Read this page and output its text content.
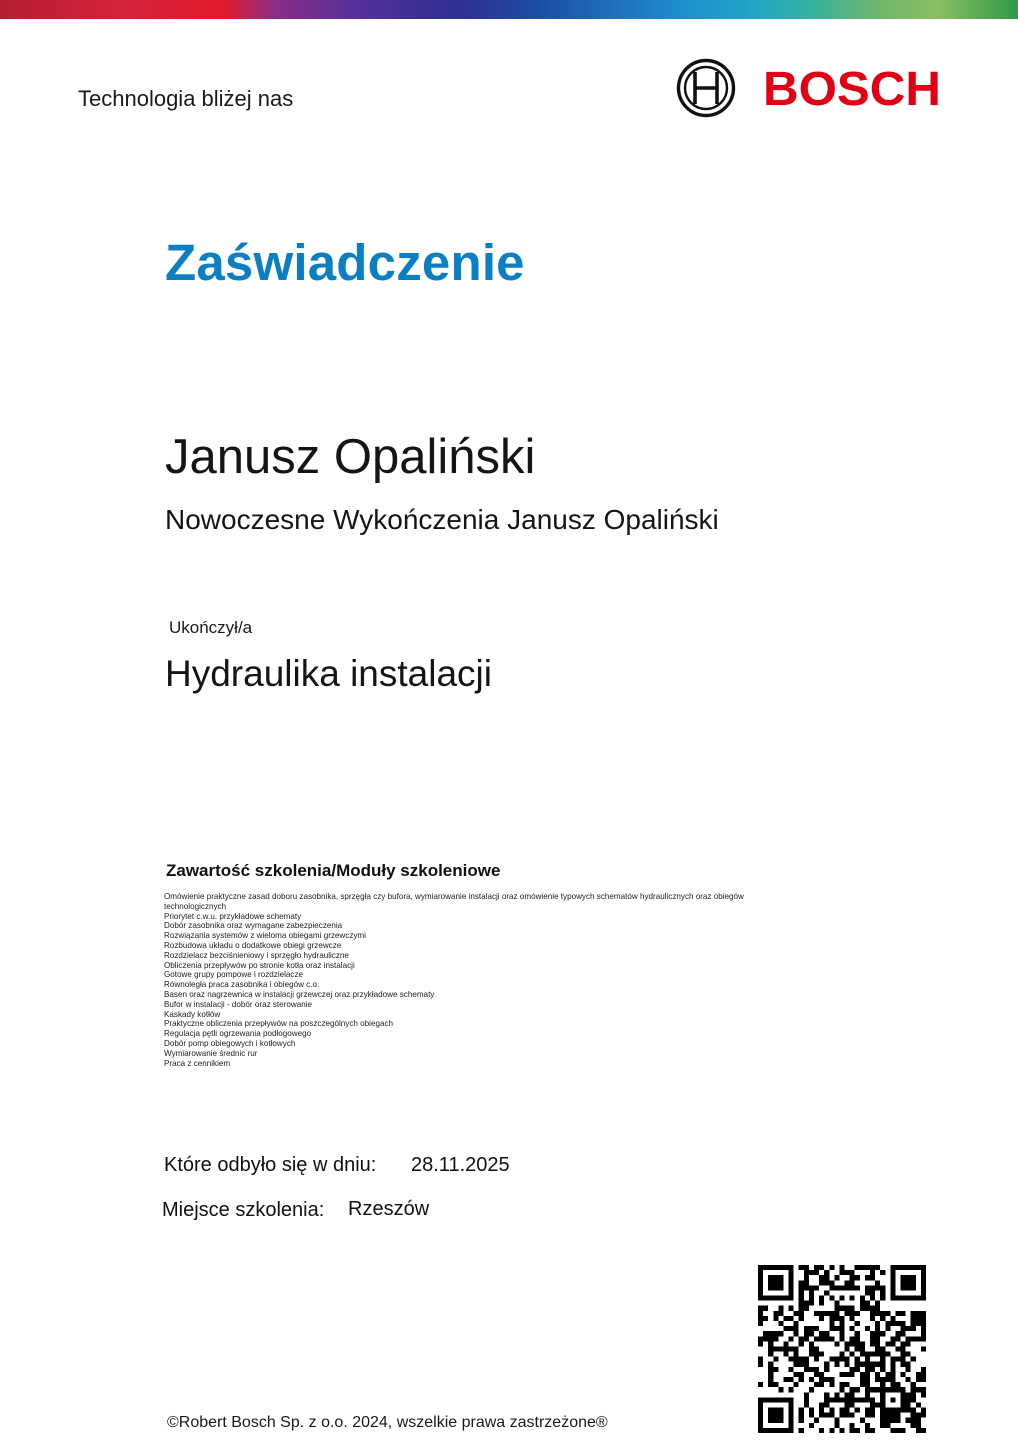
Technologia bliżej nas	BOSCH
Zaświadczenie
Janusz Opaliński
Nowoczesne Wykończenia Janusz Opaliński
Ukończył/a
Hydraulika instalacji
Zawartość szkolenia/Moduły szkoleniowe
Omówienie praktyczne zasad doboru zasobnika, sprzęgła czy bufora, wymiarowanie instalacji oraz omówienie typowych schematów hydraulicznych oraz obiegów
technologicznych
Priorytet c.w.u. przykładowe schematy
Dobór zasobnika oraz wymagane zabezpieczenia
Rozwiązania systemów z wieloma obiegami grzewczymi
Rozbudowa układu o dodatkowe obiegi grzewcze
Rozdzielacz bezciśnieniowy i sprzęgło hydrauliczne
Obliczenia przepływów po stronie kotła oraz instalacji
Gotowe grupy pompowe i rozdzielacze
Równoległa praca zasobnika i obiegów c.o.
Basen oraz nagrzewnica w instalacji grzewczej oraz przykładowe schematy
Bufor w instalacji - dobór oraz sterowanie
Kaskady kotłów
Praktyczne obliczenia przepływów na poszczególnych obiegach
Regulacja pętli ogrzewania podłogowego
Dobór pomp obiegowych i kotłowych
Wymiarowanie średnic rur
Praca z cennikiem
Które odbyło się w dniu: 28.11.2025
Miejsce szkolenia: Rzeszów
©Robert Bosch Sp. z o.o. 2024, wszelkie prawa zastrzeżone®
